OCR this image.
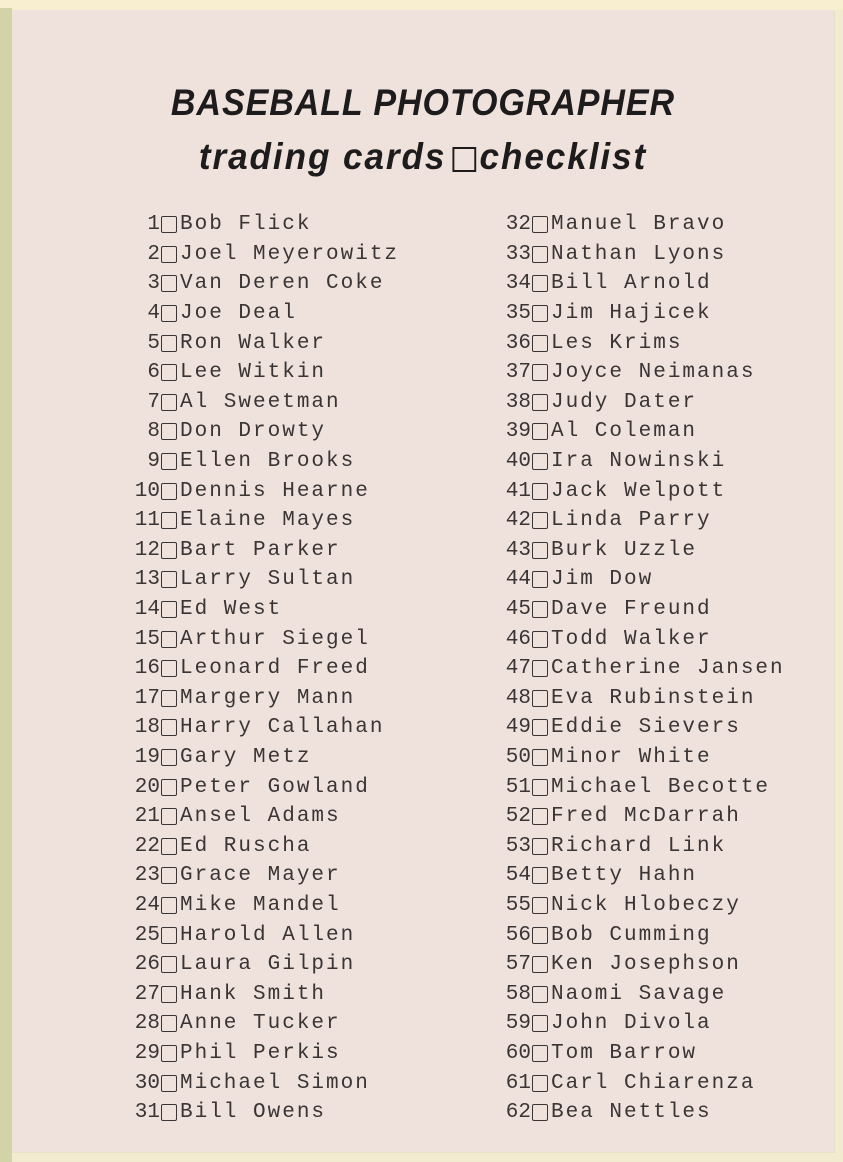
BASEBALL PHOTOGRAPHER
trading cards checklist
1 Bob Flick
2 Joel Meyerowitz
3 Van Deren Coke
4 Joe Deal
5 Ron Walker
6 Lee Witkin
7 Al Sweetman
8 Don Drowty
9 Ellen Brooks
10 Dennis Hearne
11 Elaine Mayes
12 Bart Parker
13 Larry Sultan
14 Ed West
15 Arthur Siegel
16 Leonard Freed
17 Margery Mann
18 Harry Callahan
19 Gary Metz
20 Peter Gowland
21 Ansel Adams
22 Ed Ruscha
23 Grace Mayer
24 Mike Mandel
25 Harold Allen
26 Laura Gilpin
27 Hank Smith
28 Anne Tucker
29 Phil Perkis
30 Michael Simon
31 Bill Owens
32 Manuel Bravo
33 Nathan Lyons
34 Bill Arnold
35 Jim Hajicek
36 Les Krims
37 Joyce Neimanas
38 Judy Dater
39 Al Coleman
40 Ira Nowinski
41 Jack Welpott
42 Linda Parry
43 Burk Uzzle
44 Jim Dow
45 Dave Freund
46 Todd Walker
47 Catherine Jansen
48 Eva Rubinstein
49 Eddie Sievers
50 Minor White
51 Michael Becotte
52 Fred McDarrah
53 Richard Link
54 Betty Hahn
55 Nick Hlobeczy
56 Bob Cumming
57 Ken Josephson
58 Naomi Savage
59 John Divola
60 Tom Barrow
61 Carl Chiarenza
62 Bea Nettles
